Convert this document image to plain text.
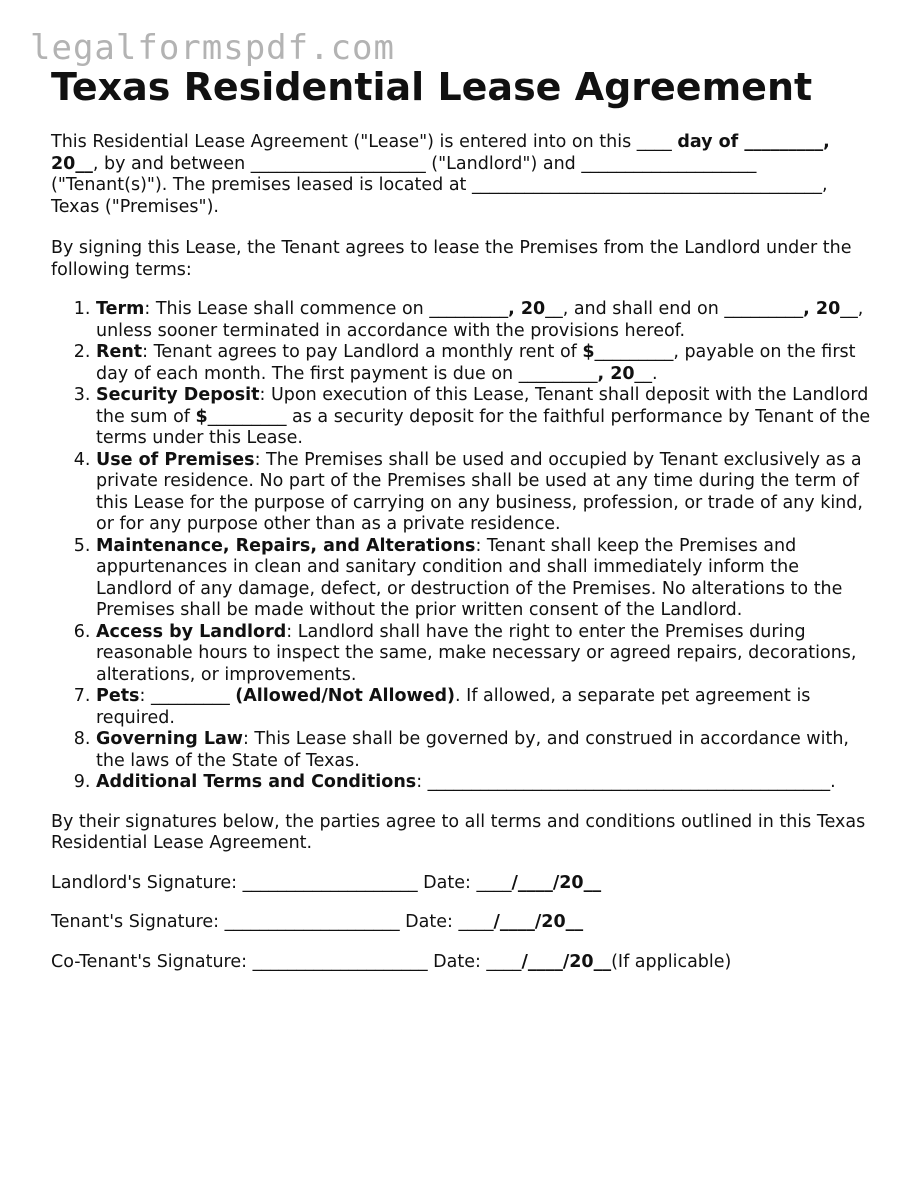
legalformspdf.com
Texas Residential Lease Agreement

This Residential Lease Agreement ("Lease") is entered into on this ____ day of _________, 20__, by and between ____________________ ("Landlord") and ____________________ ("Tenant(s)"). The premises leased is located at ________________________________________, Texas ("Premises").

By signing this Lease, the Tenant agrees to lease the Premises from the Landlord under the following terms:

1. Term: This Lease shall commence on _________, 20__, and shall end on _________, 20__, unless sooner terminated in accordance with the provisions hereof.
2. Rent: Tenant agrees to pay Landlord a monthly rent of $_________, payable on the first day of each month. The first payment is due on _________, 20__.
3. Security Deposit: Upon execution of this Lease, Tenant shall deposit with the Landlord the sum of $_________ as a security deposit for the faithful performance by Tenant of the terms under this Lease.
4. Use of Premises: The Premises shall be used and occupied by Tenant exclusively as a private residence. No part of the Premises shall be used at any time during the term of this Lease for the purpose of carrying on any business, profession, or trade of any kind, or for any purpose other than as a private residence.
5. Maintenance, Repairs, and Alterations: Tenant shall keep the Premises and appurtenances in clean and sanitary condition and shall immediately inform the Landlord of any damage, defect, or destruction of the Premises. No alterations to the Premises shall be made without the prior written consent of the Landlord.
6. Access by Landlord: Landlord shall have the right to enter the Premises during reasonable hours to inspect the same, make necessary or agreed repairs, decorations, alterations, or improvements.
7. Pets: _________ (Allowed/Not Allowed). If allowed, a separate pet agreement is required.
8. Governing Law: This Lease shall be governed by, and construed in accordance with, the laws of the State of Texas.
9. Additional Terms and Conditions: ______________________________________________.

By their signatures below, the parties agree to all terms and conditions outlined in this Texas Residential Lease Agreement.

Landlord's Signature: ____________________ Date: ____/____/20__

Tenant's Signature: ____________________ Date: ____/____/20__

Co-Tenant's Signature: ____________________ Date: ____/____/20__(If applicable)
